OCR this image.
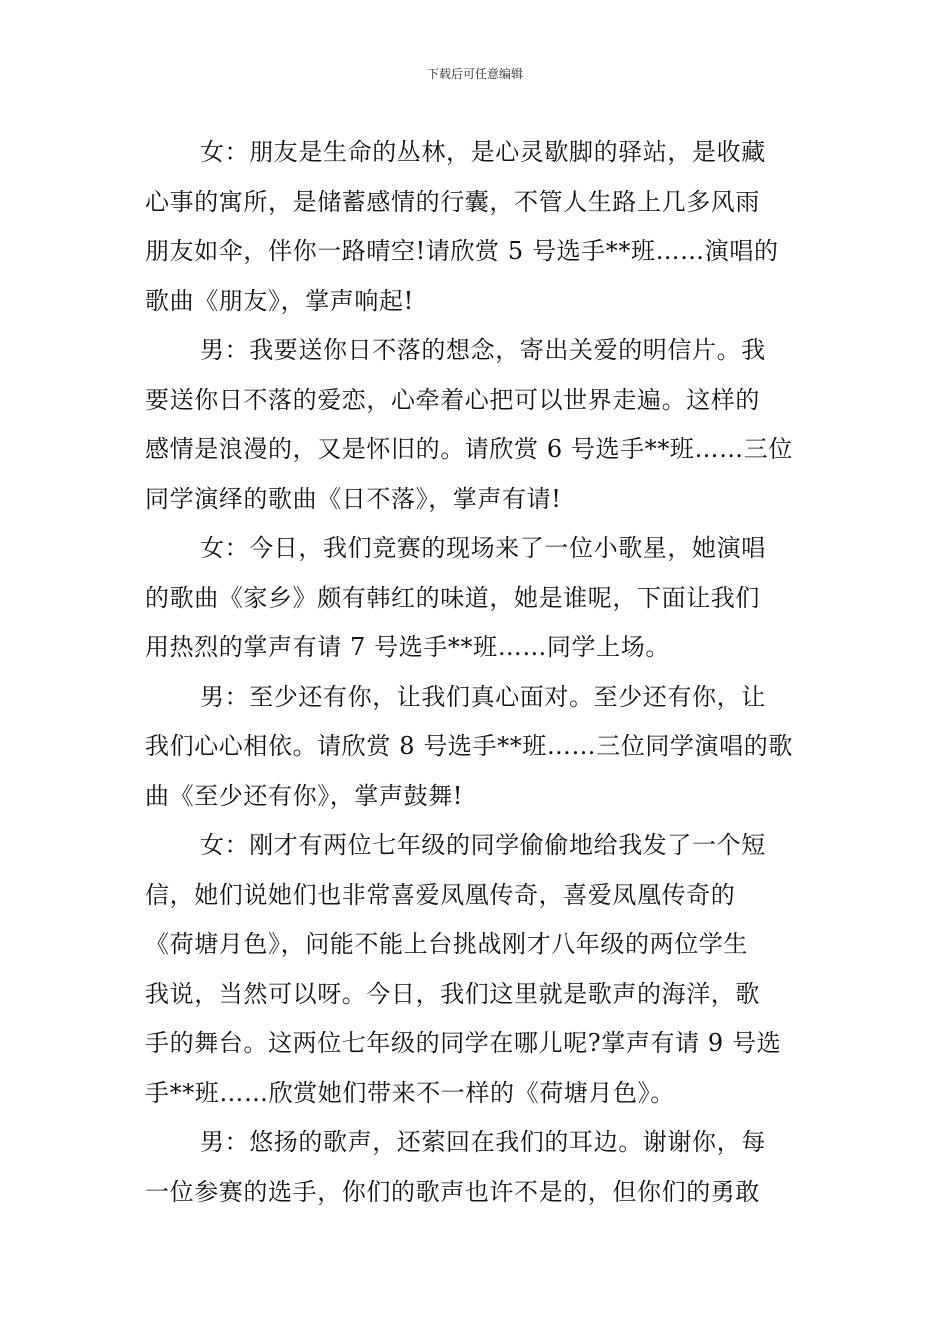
下载后可任意编辑

女：朋友是生命的丛林，是心灵歇脚的驿站，是收藏
心事的寓所，是储蓄感情的行囊，不管人生路上几多风雨
朋友如伞，伴你一路晴空!请欣赏 5 号选手**班……演唱的
歌曲《朋友》，掌声响起!

男：我要送你日不落的想念，寄出关爱的明信片。我
要送你日不落的爱恋，心牵着心把可以世界走遍。这样的
感情是浪漫的，又是怀旧的。请欣赏 6 号选手**班……三位
同学演绎的歌曲《日不落》，掌声有请!

女：今日，我们竞赛的现场来了一位小歌星，她演唱
的歌曲《家乡》颇有韩红的味道，她是谁呢，下面让我们
用热烈的掌声有请 7 号选手**班……同学上场。

男：至少还有你，让我们真心面对。至少还有你，让
我们心心相依。请欣赏 8 号选手**班……三位同学演唱的歌
曲《至少还有你》，掌声鼓舞!

女：刚才有两位七年级的同学偷偷地给我发了一个短
信，她们说她们也非常喜爱凤凰传奇，喜爱凤凰传奇的
《荷塘月色》，问能不能上台挑战刚才八年级的两位学生
我说，当然可以呀。今日，我们这里就是歌声的海洋，歌
手的舞台。这两位七年级的同学在哪儿呢?掌声有请 9 号选
手**班……欣赏她们带来不一样的《荷塘月色》。

男：悠扬的歌声，还萦回在我们的耳边。谢谢你，每
一位参赛的选手，你们的歌声也许不是的，但你们的勇敢
